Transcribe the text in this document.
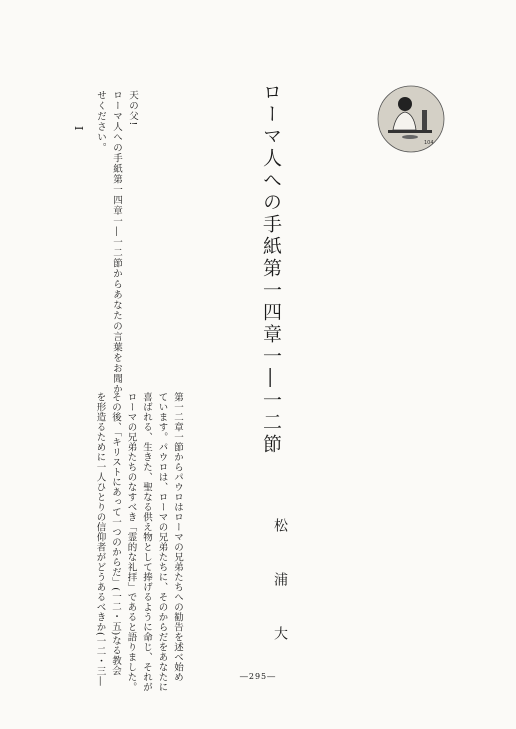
104
ローマ人への手紙第一四章一―一二節
天の父!
ローマ人への手紙第一四章一―一二節からあなたの言葉をお聞か
せください。
I
第一二章一節からパウロはローマの兄弟たちへの勧告を述べ始め
ています。パウロは、ローマの兄弟たちに、そのからだをあなたに
喜ばれる、生きた、聖なる供え物として捧げるように命じ、それが
ローマの兄弟たちのなすべき「霊的な礼拝」であると語りました。
その後、「キリストにあって一つのからだ」(一二・五)なる教会
を形造るために一人ひとりの信仰者がどうあるべきか(一二・三―	松浦大
―295―
